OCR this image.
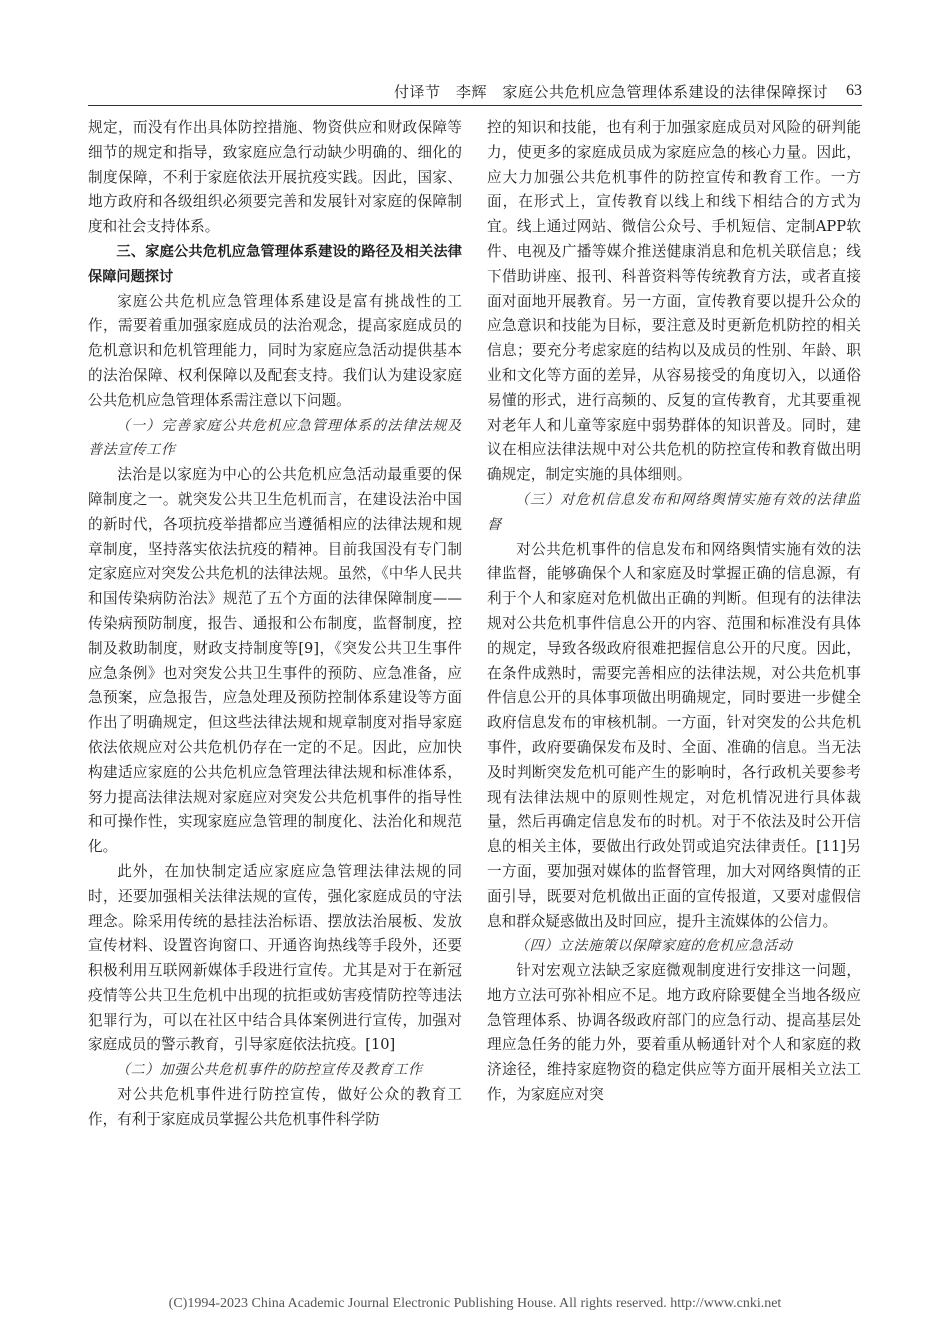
付译节　李辉　家庭公共危机应急管理体系建设的法律保障探讨 63

规定，而没有作出具体防控措施、物资供应和财政保障等细节的规定和指导，致家庭应急行动缺少明确的、细化的制度保障，不利于家庭依法开展抗疫实践。因此，国家、地方政府和各级组织必须要完善和发展针对家庭的保障制度和社会支持体系。

三、家庭公共危机应急管理体系建设的路径及相关法律保障问题探讨

家庭公共危机应急管理体系建设是富有挑战性的工作，需要着重加强家庭成员的法治观念，提高家庭成员的危机意识和危机管理能力，同时为家庭应急活动提供基本的法治保障、权利保障以及配套支持。我们认为建设家庭公共危机应急管理体系需注意以下问题。

（一）完善家庭公共危机应急管理体系的法律法规及普法宣传工作

法治是以家庭为中心的公共危机应急活动最重要的保障制度之一。就突发公共卫生危机而言，在建设法治中国的新时代，各项抗疫举措都应当遵循相应的法律法规和规章制度，坚持落实依法抗疫的精神。目前我国没有专门制定家庭应对突发公共危机的法律法规。虽然，《中华人民共和国传染病防治法》规范了五个方面的法律保障制度——传染病预防制度，报告、通报和公布制度，监督制度，控制及救助制度，财政支持制度等[9]，《突发公共卫生事件应急条例》也对突发公共卫生事件的预防、应急准备，应急预案，应急报告，应急处理及预防控制体系建设等方面作出了明确规定，但这些法律法规和规章制度对指导家庭依法依规应对公共危机仍存在一定的不足。因此，应加快构建适应家庭的公共危机应急管理法律法规和标准体系，努力提高法律法规对家庭应对突发公共危机事件的指导性和可操作性，实现家庭应急管理的制度化、法治化和规范化。

此外，在加快制定适应家庭应急管理法律法规的同时，还要加强相关法律法规的宣传，强化家庭成员的守法理念。除采用传统的悬挂法治标语、摆放法治展板、发放宣传材料、设置咨询窗口、开通咨询热线等手段外，还要积极利用互联网新媒体手段进行宣传。尤其是对于在新冠疫情等公共卫生危机中出现的抗拒或妨害疫情防控等违法犯罪行为，可以在社区中结合具体案例进行宣传，加强对家庭成员的警示教育，引导家庭依法抗疫。[10]

（二）加强公共危机事件的防控宣传及教育工作

对公共危机事件进行防控宣传，做好公众的教育工作，有利于家庭成员掌握公共危机事件科学防

控的知识和技能，也有利于加强家庭成员对风险的研判能力，使更多的家庭成员成为家庭应急的核心力量。因此，应大力加强公共危机事件的防控宣传和教育工作。一方面，在形式上，宣传教育以线上和线下相结合的方式为宜。线上通过网站、微信公众号、手机短信、定制APP软件、电视及广播等媒介推送健康消息和危机关联信息；线下借助讲座、报刊、科普资料等传统教育方法，或者直接面对面地开展教育。另一方面，宣传教育要以提升公众的应急意识和技能为目标，要注意及时更新危机防控的相关信息；要充分考虑家庭的结构以及成员的性别、年龄、职业和文化等方面的差异，从容易接受的角度切入，以通俗易懂的形式，进行高频的、反复的宣传教育，尤其要重视对老年人和儿童等家庭中弱势群体的知识普及。同时，建议在相应法律法规中对公共危机的防控宣传和教育做出明确规定，制定实施的具体细则。

（三）对危机信息发布和网络舆情实施有效的法律监督

对公共危机事件的信息发布和网络舆情实施有效的法律监督，能够确保个人和家庭及时掌握正确的信息源，有利于个人和家庭对危机做出正确的判断。但现有的法律法规对公共危机事件信息公开的内容、范围和标准没有具体的规定，导致各级政府很难把握信息公开的尺度。因此，在条件成熟时，需要完善相应的法律法规，对公共危机事件信息公开的具体事项做出明确规定，同时要进一步健全政府信息发布的审核机制。一方面，针对突发的公共危机事件，政府要确保发布及时、全面、准确的信息。当无法及时判断突发危机可能产生的影响时，各行政机关要参考现有法律法规中的原则性规定，对危机情况进行具体裁量，然后再确定信息发布的时机。对于不依法及时公开信息的相关主体，要做出行政处罚或追究法律责任。[11]另一方面，要加强对媒体的监督管理，加大对网络舆情的正面引导，既要对危机做出正面的宣传报道，又要对虚假信息和群众疑惑做出及时回应，提升主流媒体的公信力。

（四）立法施策以保障家庭的危机应急活动

针对宏观立法缺乏家庭微观制度进行安排这一问题，地方立法可弥补相应不足。地方政府除要健全当地各级应急管理体系、协调各级政府部门的应急行动、提高基层处理应急任务的能力外，要着重从畅通针对个人和家庭的救济途径，维持家庭物资的稳定供应等方面开展相关立法工作，为家庭应对突

(C)1994-2023 China Academic Journal Electronic Publishing House. All rights reserved. http://www.cnki.net
